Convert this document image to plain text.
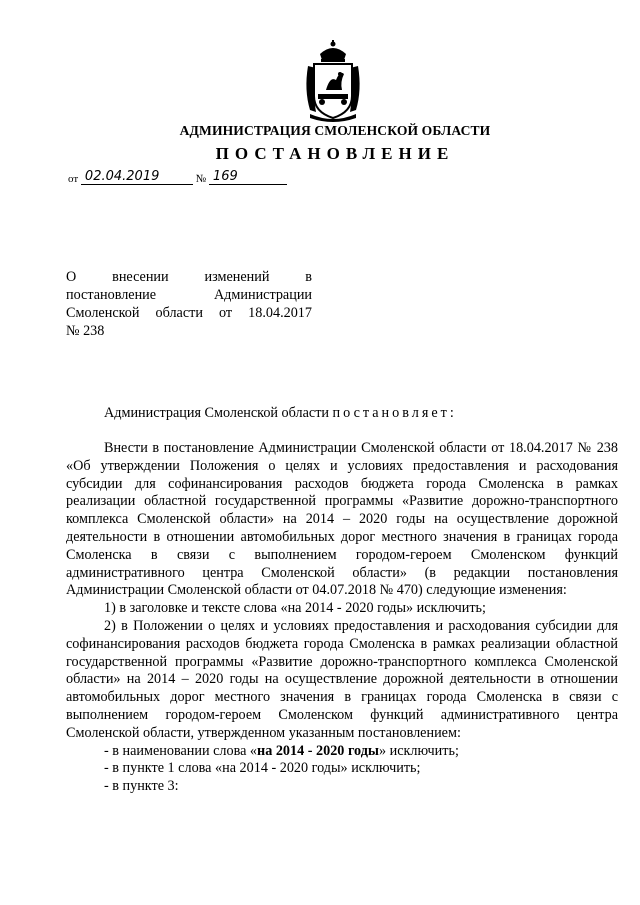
АДМИНИСТРАЦИЯ СМОЛЕНСКОЙ ОБЛАСТИ
ПОСТАНОВЛЕНИЕ
от 02.04.2019	№ 169
О внесении изменений в
постановление Администрации
Смоленской области от 18.04.2017
№ 238
Администрация Смоленской области постановляет:

Внести в постановление Администрации Смоленской области от 18.04.2017 № 238 «Об утверждении Положения о целях и условиях предоставления и расходования субсидии для софинансирования расходов бюджета города Смоленска в рамках реализации областной государственной программы «Развитие дорожно-транспортного комплекса Смоленской области» на 2014 – 2020 годы на осуществление дорожной деятельности в отношении автомобильных дорог местного значения в границах города Смоленска в связи с выполнением городом-героем Смоленском функций административного центра Смоленской области» (в редакции постановления Администрации Смоленской области от 04.07.2018 № 470) следующие изменения:

1) в заголовке и тексте слова «на 2014 - 2020 годы» исключить;

2) в Положении о целях и условиях предоставления и расходования субсидии для софинансирования расходов бюджета города Смоленска в рамках реализации областной государственной программы «Развитие дорожно-транспортного комплекса Смоленской области» на 2014 – 2020 годы на осуществление дорожной деятельности в отношении автомобильных дорог местного значения в границах города Смоленска в связи с выполнением городом-героем Смоленском функций административного центра Смоленской области, утвержденном указанным постановлением:

- в наименовании слова «на 2014 - 2020 годы» исключить;

- в пункте 1 слова «на 2014 - 2020 годы» исключить;

- в пункте 3:
